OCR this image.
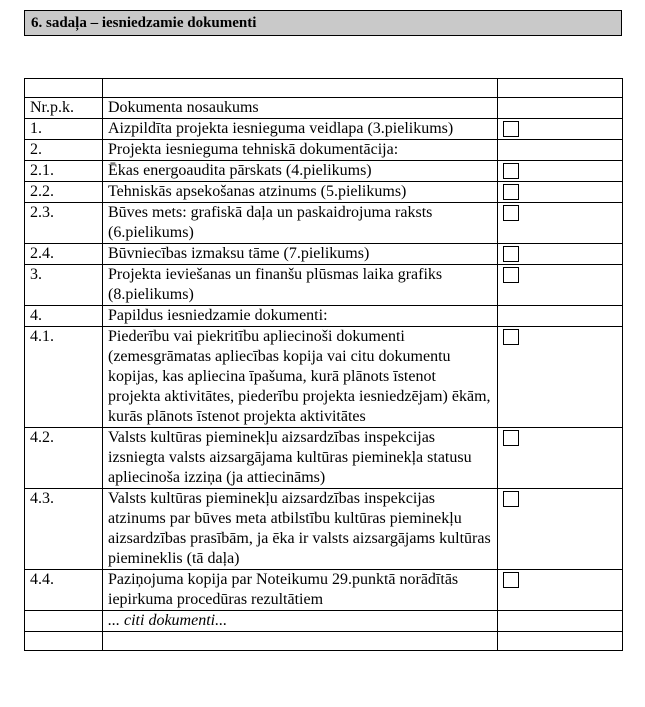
6. sadaļa – iesniedzamie dokumenti

Nr.p.k.	Dokumenta nosaukums	
1.	Aizpildīta projekta iesnieguma veidlapa (3.pielikums)	

2.	Projekta iesnieguma tehniskā dokumentācija:	
2.1.	Ēkas energoaudita pārskats (4.pielikums)	

2.2.	Tehniskās apsekošanas atzinums (5.pielikums)	

2.3.	Būves mets: grafiskā daļa un paskaidrojuma raksts (6.pielikums)	

2.4.	Būvniecības izmaksu tāme (7.pielikums)	

3.	Projekta ieviešanas un finanšu plūsmas laika grafiks (8.pielikums)	

4.	Papildus iesniedzamie dokumenti:	
4.1.	Piederību vai piekritību apliecinoši dokumenti (zemesgrāmatas apliecības kopija vai citu dokumentu kopijas, kas apliecina īpašuma, kurā plānots īstenot projekta aktivitātes, piederību projekta iesniedzējam) ēkām, kurās plānots īstenot projekta aktivitātes	

4.2.	Valsts kultūras pieminekļu aizsardzības inspekcijas izsniegta valsts aizsargājama kultūras pieminekļa statusu apliecinoša izziņa (ja attiecināms)	

4.3.	Valsts kultūras pieminekļu aizsardzības inspekcijas atzinums par būves meta atbilstību kultūras pieminekļu aizsardzības prasībām, ja ēka ir valsts aizsargājams kultūras piemineklis (tā daļa)	

4.4.	Paziņojuma kopija par Noteikumu 29.punktā norādītās iepirkuma procedūras rezultātiem	

	... citi dokumenti...	
